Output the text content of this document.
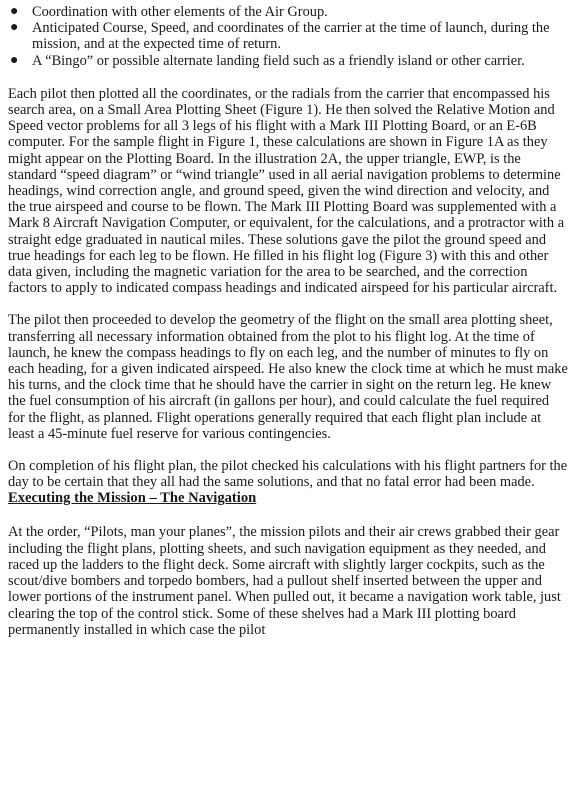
● Coordination with other elements of the Air Group.
● Anticipated Course, Speed, and coordinates of the carrier at the time of launch, during the mission, and at the expected time of return.
● A “Bingo” or possible alternate landing field such as a friendly island or other carrier.

Each pilot then plotted all the coordinates, or the radials from the carrier that encompassed his search area, on a Small Area Plotting Sheet (Figure 1). He then solved the Relative Motion and Speed vector problems for all 3 legs of his flight with a Mark III Plotting Board, or an E-6B computer. For the sample flight in Figure 1, these calculations are shown in Figure 1A as they might appear on the Plotting Board. In the illustration 2A, the upper triangle, EWP, is the standard “speed diagram” or “wind triangle” used in all aerial navigation problems to determine headings, wind correction angle, and ground speed, given the wind direction and velocity, and the true airspeed and course to be flown. The Mark III Plotting Board was supplemented with a Mark 8 Aircraft Navigation Computer, or equivalent, for the calculations, and a protractor with a straight edge graduated in nautical miles. These solutions gave the pilot the ground speed and true headings for each leg to be flown. He filled in his flight log (Figure 3) with this and other data given, including the magnetic variation for the area to be searched, and the correction factors to apply to indicated compass headings and indicated airspeed for his particular aircraft.

The pilot then proceeded to develop the geometry of the flight on the small area plotting sheet, transferring all necessary information obtained from the plot to his flight log. At the time of launch, he knew the compass headings to fly on each leg, and the number of minutes to fly on each heading, for a given indicated airspeed. He also knew the clock time at which he must make his turns, and the clock time that he should have the carrier in sight on the return leg. He knew the fuel consumption of his aircraft (in gallons per hour), and could calculate the fuel required for the flight, as planned. Flight operations generally required that each flight plan include at least a 45-minute fuel reserve for various contingencies.

On completion of his flight plan, the pilot checked his calculations with his flight partners for the day to be certain that they all had the same solutions, and that no fatal error had been made.

Executing the Mission – The Navigation

At the order, “Pilots, man your planes”, the mission pilots and their air crews grabbed their gear including the flight plans, plotting sheets, and such navigation equipment as they needed, and raced up the ladders to the flight deck. Some aircraft with slightly larger cockpits, such as the scout/dive bombers and torpedo bombers, had a pullout shelf inserted between the upper and lower portions of the instrument panel. When pulled out, it became a navigation work table, just clearing the top of the control stick. Some of these shelves had a Mark III plotting board permanently installed in which case the pilot
